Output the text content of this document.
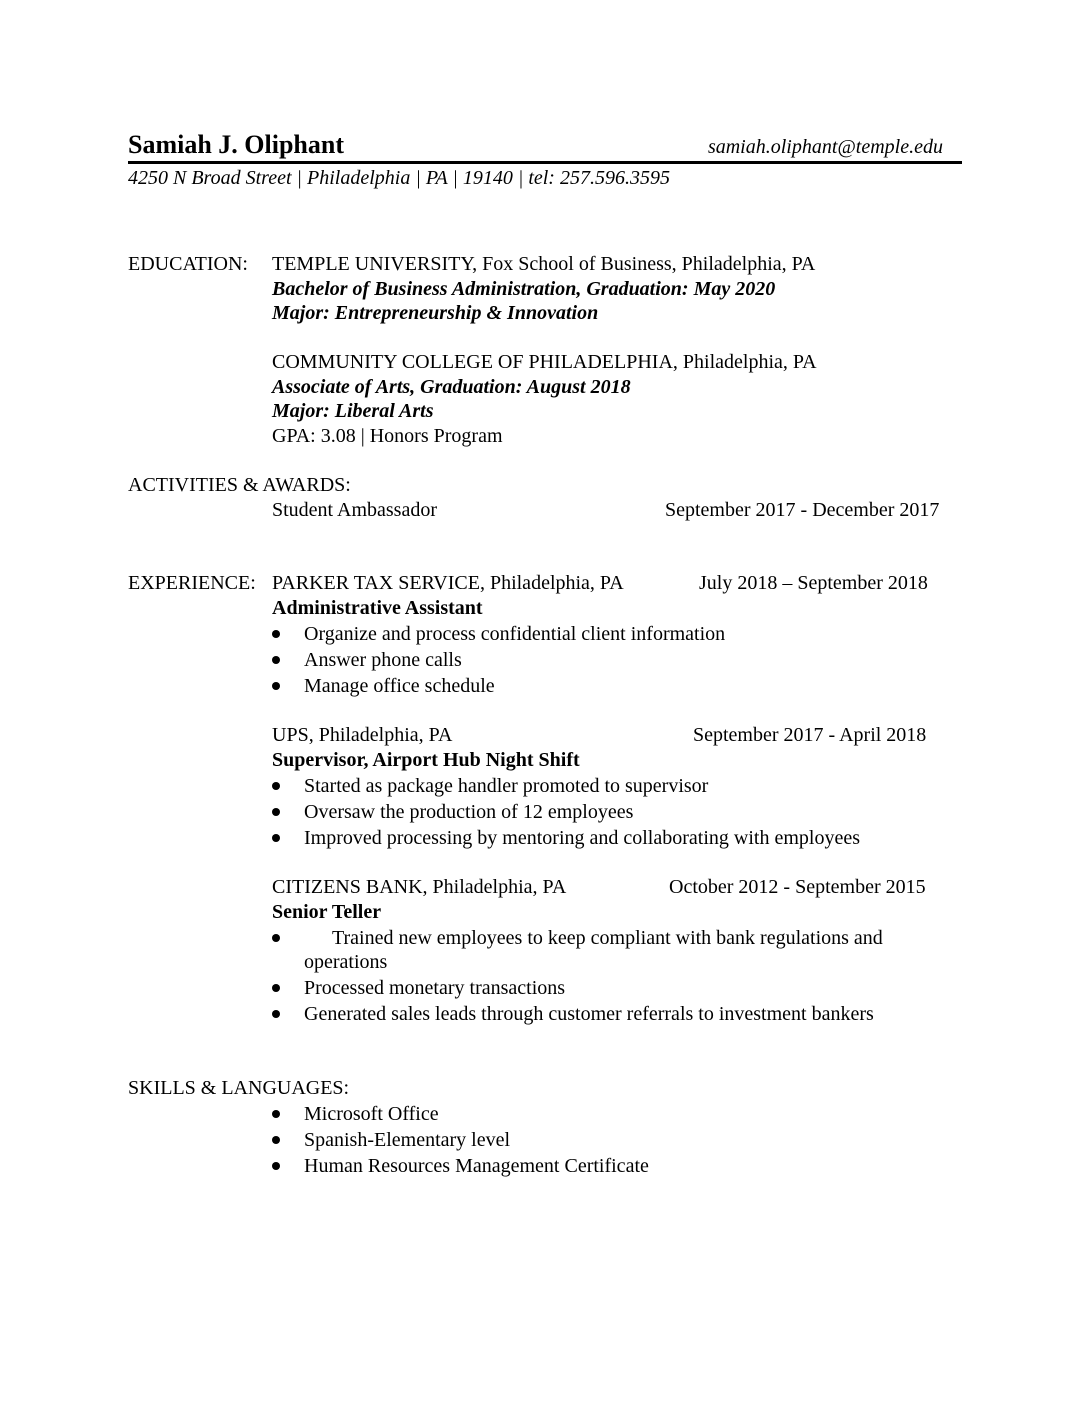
Samiah J. Oliphant	samiah.oliphant@temple.edu
4250 N Broad Street | Philadelphia | PA | 19140 | tel: 257.596.3595
EDUCATION: TEMPLE UNIVERSITY, Fox School of Business, Philadelphia, PA
Bachelor of Business Administration, Graduation: May 2020
Major: Entrepreneurship & Innovation
COMMUNITY COLLEGE OF PHILADELPHIA, Philadelphia, PA
Associate of Arts, Graduation: August 2018
Major: Liberal Arts
GPA: 3.08 | Honors Program
ACTIVITIES & AWARDS:
Student Ambassador	September 2017 - December 2017
EXPERIENCE: PARKER TAX SERVICE, Philadelphia, PA	July 2018 – September 2018
Administrative Assistant
Organize and process confidential client information
Answer phone calls
Manage office schedule
UPS, Philadelphia, PA	September 2017 - April 2018
Supervisor, Airport Hub Night Shift
Started as package handler promoted to supervisor
Oversaw the production of 12 employees
Improved processing by mentoring and collaborating with employees
CITIZENS BANK, Philadelphia, PA	October 2012 - September 2015
Senior Teller
Trained new employees to keep compliant with bank regulations and
operations
Processed monetary transactions
Generated sales leads through customer referrals to investment bankers
SKILLS & LANGUAGES:
Microsoft Office
Spanish-Elementary level
Human Resources Management Certificate
